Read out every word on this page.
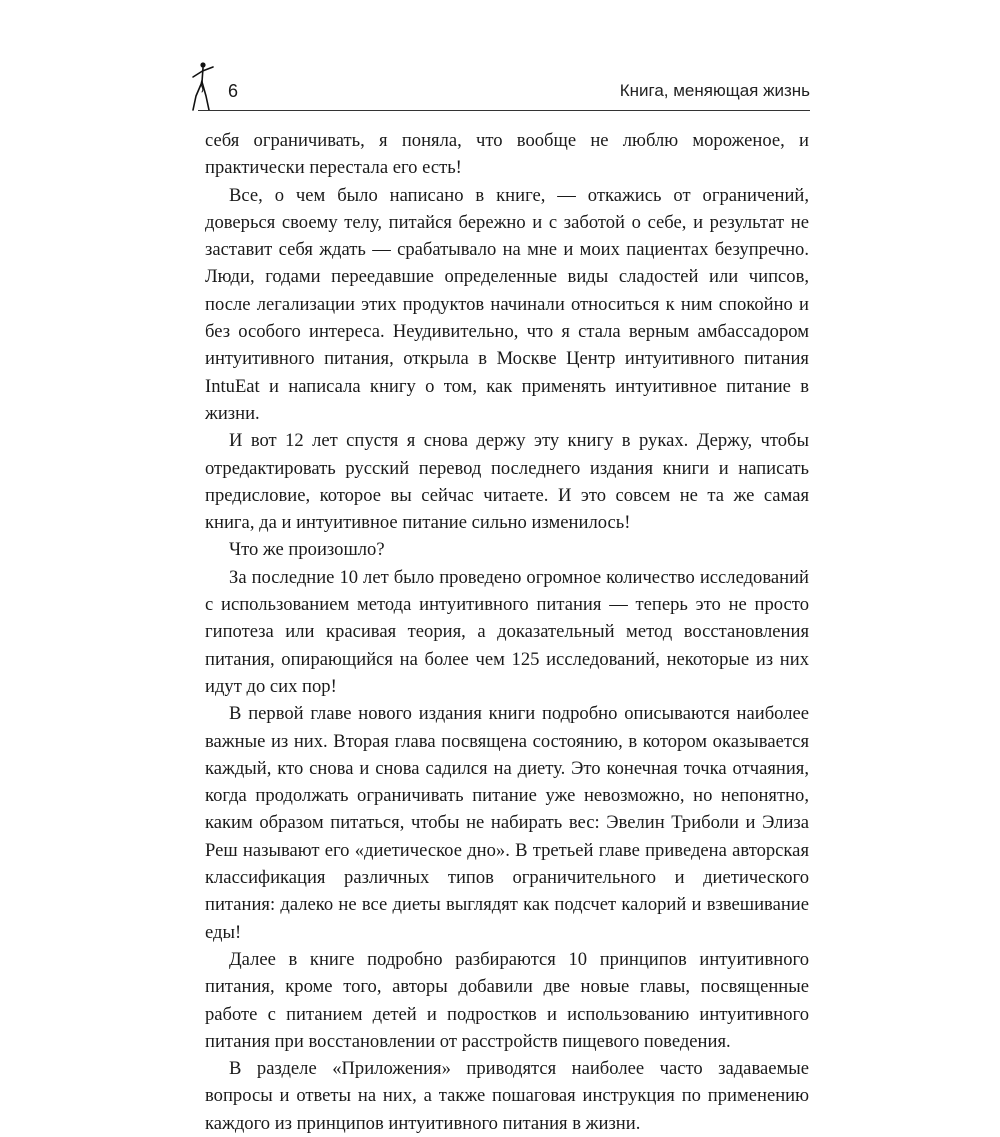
6	Книга, меняющая жизнь

себя ограничивать, я поняла, что вообще не люблю мороженое, и практически перестала его есть!

Все, о чем было написано в книге, — откажись от ограничений, доверься своему телу, питайся бережно и с заботой о себе, и результат не заставит себя ждать — срабатывало на мне и моих пациентах безупречно. Люди, годами переедавшие определенные виды сладостей или чипсов, после легализации этих продуктов начинали относиться к ним спокойно и без особого интереса. Неудивительно, что я стала верным амбассадором интуитивного питания, открыла в Москве Центр интуитивного питания IntuEat и написала книгу о том, как применять интуитивное питание в жизни.

И вот 12 лет спустя я снова держу эту книгу в руках. Держу, чтобы отредактировать русский перевод последнего издания книги и написать предисловие, которое вы сейчас читаете. И это совсем не та же самая книга, да и интуитивное питание сильно изменилось!

Что же произошло?

За последние 10 лет было проведено огромное количество исследований с использованием метода интуитивного питания — теперь это не просто гипотеза или красивая теория, а доказательный метод восстановления питания, опирающийся на более чем 125 исследований, некоторые из них идут до сих пор!

В первой главе нового издания книги подробно описываются наиболее важные из них. Вторая глава посвящена состоянию, в котором оказывается каждый, кто снова и снова садился на диету. Это конечная точка отчаяния, когда продолжать ограничивать питание уже невозможно, но непонятно, каким образом питаться, чтобы не набирать вес: Эвелин Триболи и Элиза Реш называют его «диетическое дно». В третьей главе приведена авторская классификация различных типов ограничительного и диетического питания: далеко не все диеты выглядят как подсчет калорий и взвешивание еды!

Далее в книге подробно разбираются 10 принципов интуитивного питания, кроме того, авторы добавили две новые главы, посвященные работе с питанием детей и подростков и использованию интуитивного питания при восстановлении от расстройств пищевого поведения.

В разделе «Приложения» приводятся наиболее часто задаваемые вопросы и ответы на них, а также пошаговая инструкция по применению каждого из принципов интуитивного питания в жизни.
